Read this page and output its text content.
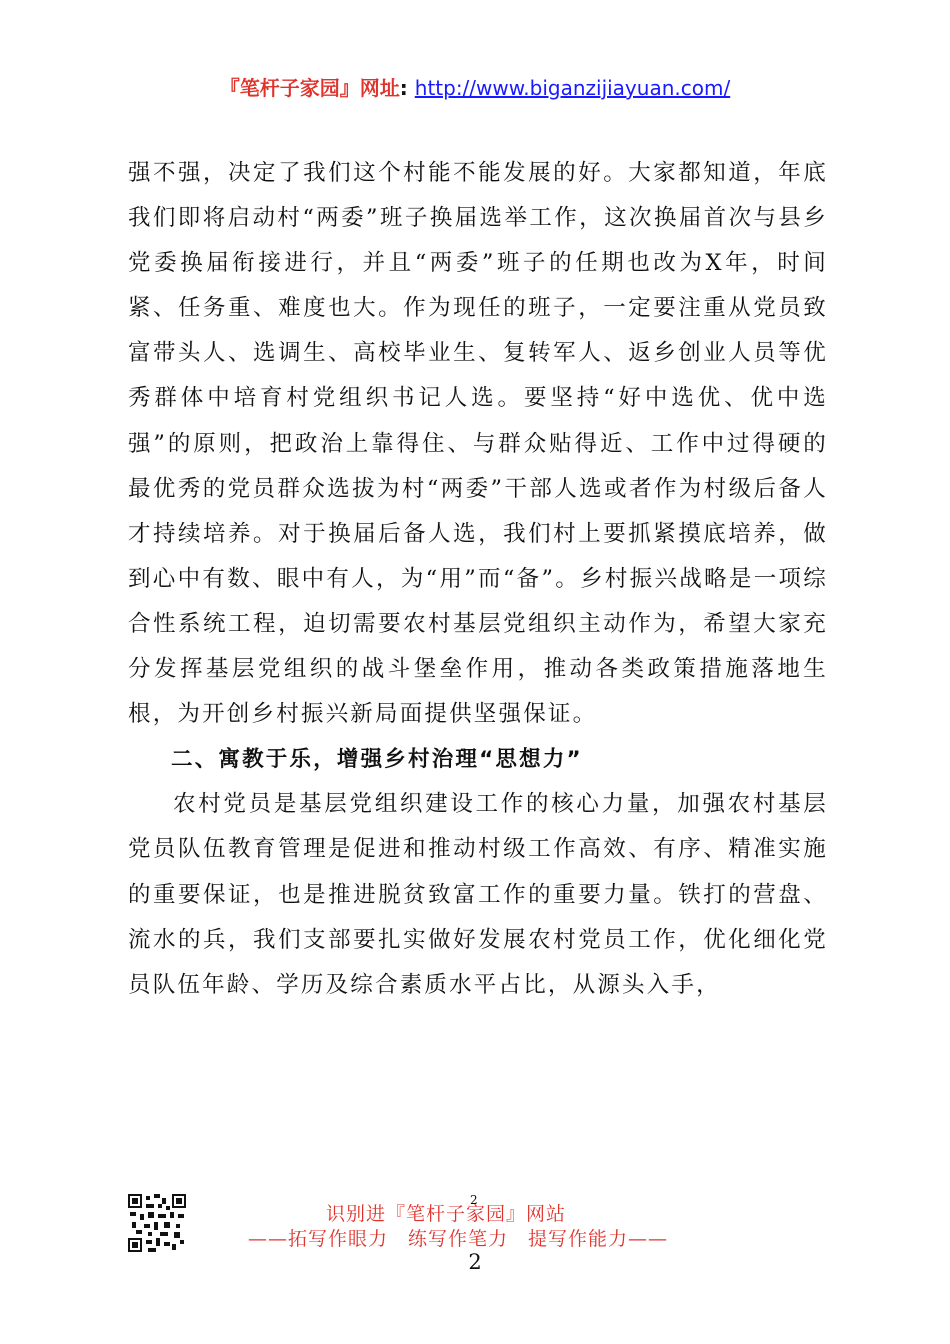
『笔杆子家园』网址: http://www.biganzijiayuan.com/

强不强，决定了我们这个村能不能发展的好。大家都知道，年底我们即将启动村“两委”班子换届选举工作，这次换届首次与县乡党委换届衔接进行，并且“两委”班子的任期也改为X年，时间紧、任务重、难度也大。作为现任的班子，一定要注重从党员致富带头人、选调生、高校毕业生、复转军人、返乡创业人员等优秀群体中培育村党组织书记人选。要坚持“好中选优、优中选强”的原则，把政治上靠得住、与群众贴得近、工作中过得硬的最优秀的党员群众选拔为村“两委”干部人选或者作为村级后备人才持续培养。对于换届后备人选，我们村上要抓紧摸底培养，做到心中有数、眼中有人，为“用”而“备”。乡村振兴战略是一项综合性系统工程，迫切需要农村基层党组织主动作为，希望大家充分发挥基层党组织的战斗堡垒作用，推动各类政策措施落地生根，为开创乡村振兴新局面提供坚强保证。

二、寓教于乐，增强乡村治理“思想力”

农村党员是基层党组织建设工作的核心力量，加强农村基层党员队伍教育管理是促进和推动村级工作高效、有序、精准实施的重要保证，也是推进脱贫致富工作的重要力量。铁打的营盘、流水的兵，我们支部要扎实做好发展农村党员工作，优化细化党员队伍年龄、学历及综合素质水平占比，从源头入手，

识别进『笔杆子家园』网站
2
——拓写作眼力　练写作笔力　提写作能力——
2
